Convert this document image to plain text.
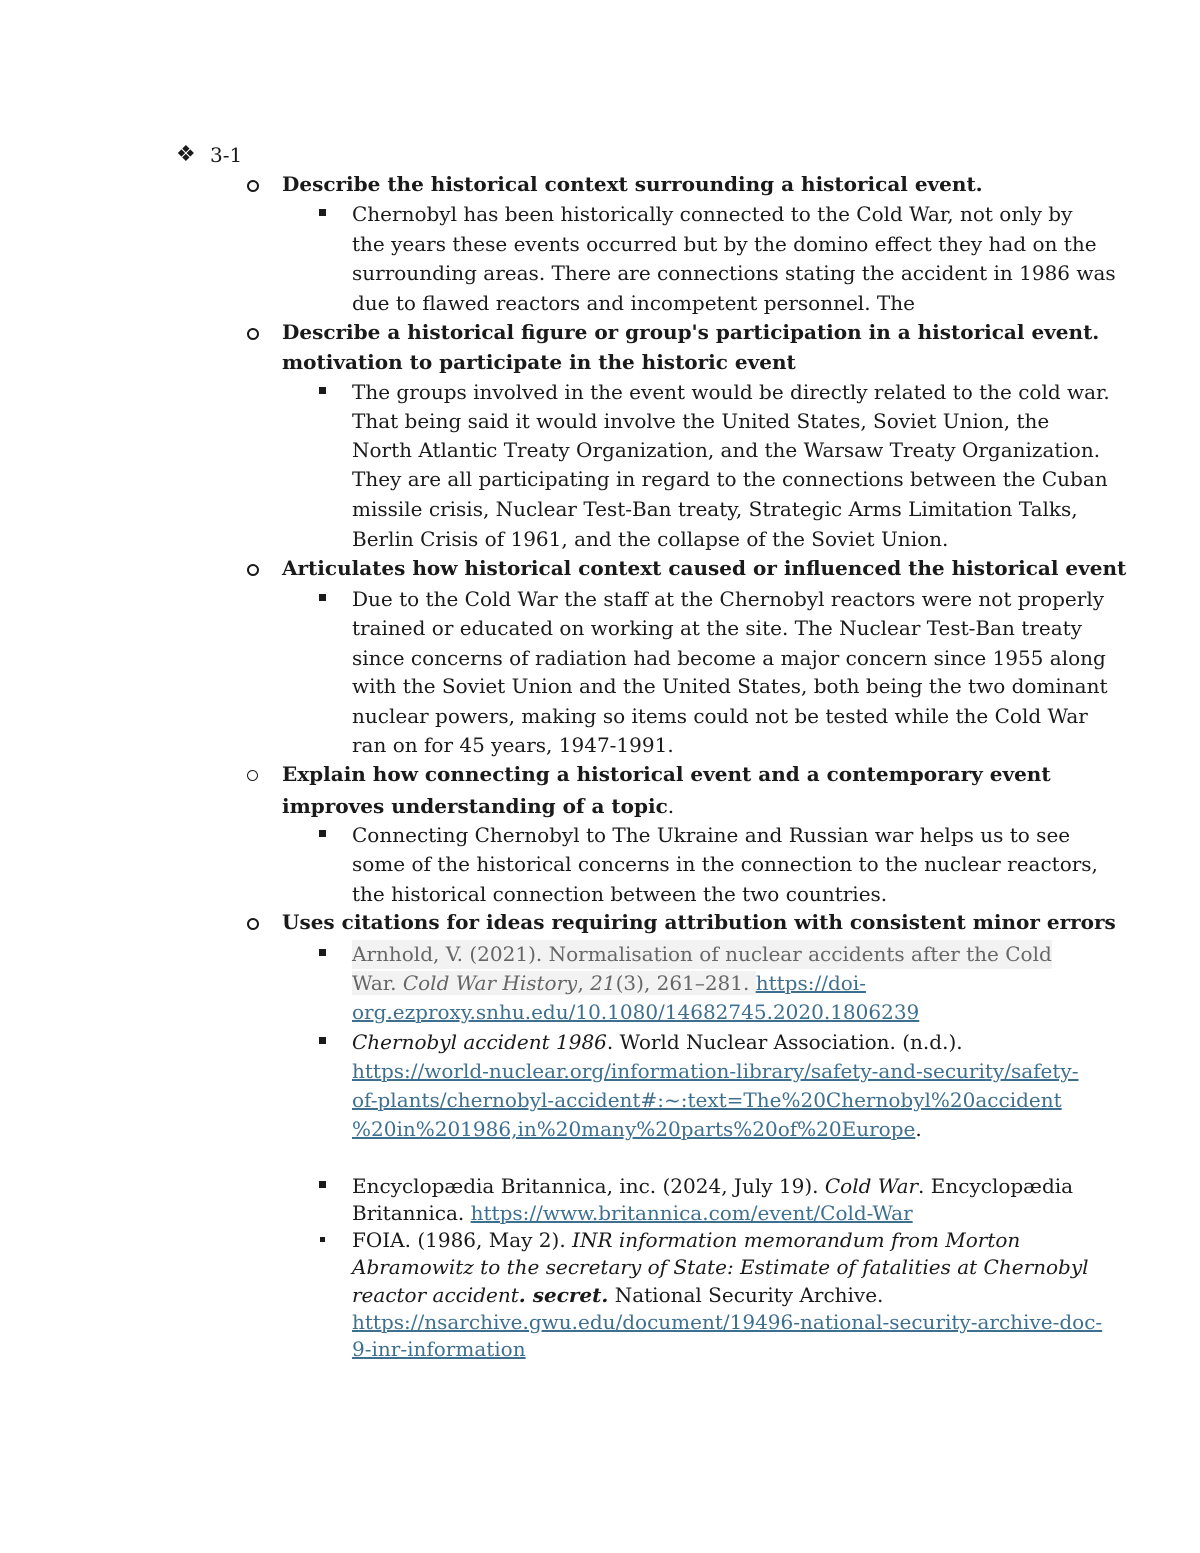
❖ 3-1
Describe the historical context surrounding a historical event.
Chernobyl has been historically connected to the Cold War, not only by
the years these events occurred but by the domino effect they had on the
surrounding areas. There are connections stating the accident in 1986 was
due to flawed reactors and incompetent personnel. The
Describe a historical figure or group's participation in a historical event.
motivation to participate in the historic event
The groups involved in the event would be directly related to the cold war.
That being said it would involve the United States, Soviet Union, the
North Atlantic Treaty Organization, and the Warsaw Treaty Organization.
They are all participating in regard to the connections between the Cuban
missile crisis, Nuclear Test-Ban treaty, Strategic Arms Limitation Talks,
Berlin Crisis of 1961, and the collapse of the Soviet Union.
Articulates how historical context caused or influenced the historical event
Due to the Cold War the staff at the Chernobyl reactors were not properly
trained or educated on working at the site. The Nuclear Test-Ban treaty
since concerns of radiation had become a major concern since 1955 along
with the Soviet Union and the United States, both being the two dominant
nuclear powers, making so items could not be tested while the Cold War
ran on for 45 years, 1947-1991.
Explain how connecting a historical event and a contemporary event
improves understanding of a topic.
Connecting Chernobyl to The Ukraine and Russian war helps us to see
some of the historical concerns in the connection to the nuclear reactors,
the historical connection between the two countries.
Uses citations for ideas requiring attribution with consistent minor errors
Arnhold, V. (2021). Normalisation of nuclear accidents after the Cold
War. Cold War History, 21(3), 261–281. https://doi-
org.ezproxy.snhu.edu/10.1080/14682745.2020.1806239
Chernobyl accident 1986. World Nuclear Association. (n.d.).
https://world-nuclear.org/information-library/safety-and-security/safety-
of-plants/chernobyl-accident#:~:text=The%20Chernobyl%20accident
%20in%201986,in%20many%20parts%20of%20Europe.
Encyclopædia Britannica, inc. (2024, July 19). Cold War. Encyclopædia
Britannica. https://www.britannica.com/event/Cold-War
FOIA. (1986, May 2). INR information memorandum from Morton
Abramowitz to the secretary of State: Estimate of fatalities at Chernobyl
reactor accident. secret. National Security Archive.
https://nsarchive.gwu.edu/document/19496-national-security-archive-doc-
9-inr-information
